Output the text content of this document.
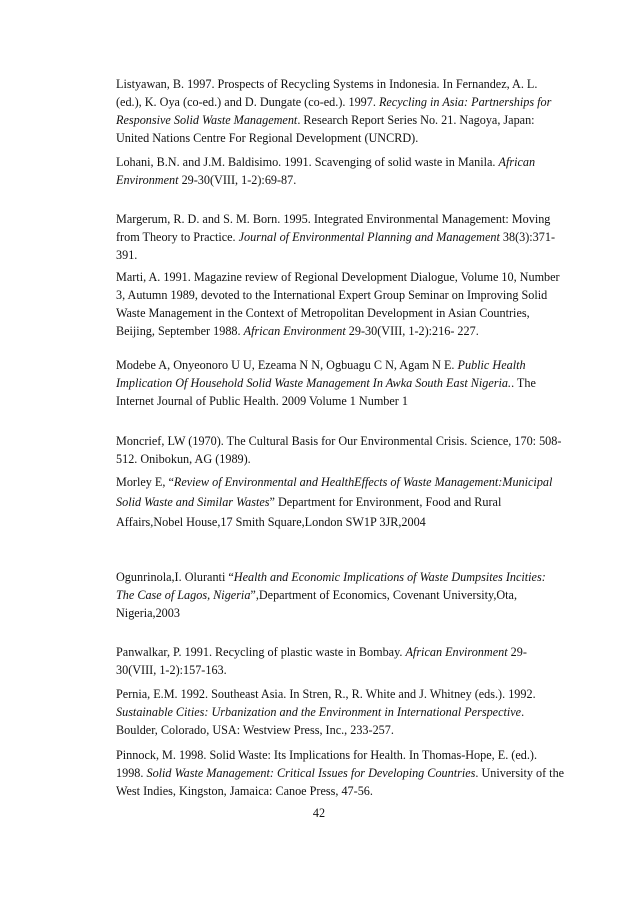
Listyawan, B. 1997. Prospects of Recycling Systems in Indonesia. In Fernandez, A. L. (ed.), K. Oya (co-ed.) and D. Dungate (co-ed.). 1997. Recycling in Asia: Partnerships for Responsive Solid Waste Management. Research Report Series No. 21. Nagoya, Japan: United Nations Centre For Regional Development (UNCRD).

Lohani, B.N. and J.M. Baldisimo. 1991. Scavenging of solid waste in Manila. African Environment 29-30(VIII, 1-2):69-87.

Margerum, R. D. and S. M. Born. 1995. Integrated Environmental Management: Moving from Theory to Practice. Journal of Environmental Planning and Management 38(3):371-391.

Marti, A. 1991. Magazine review of Regional Development Dialogue, Volume 10, Number 3, Autumn 1989, devoted to the International Expert Group Seminar on Improving Solid Waste Management in the Context of Metropolitan Development in Asian Countries, Beijing, September 1988. African Environment 29-30(VIII, 1-2):216- 227.

Modebe A, Onyeonoro U U, Ezeama N N, Ogbuagu C N, Agam N E. Public Health Implication Of Household Solid Waste Management In Awka South East Nigeria.. The Internet Journal of Public Health. 2009 Volume 1 Number 1

Moncrief, LW (1970). The Cultural Basis for Our Environmental Crisis. Science, 170: 508-512. Onibokun, AG (1989).

Morley E, “Review of Environmental and HealthEffects of Waste Management:Municipal Solid Waste and Similar Wastes” Department for Environment, Food and Rural Affairs,Nobel House,17 Smith Square,London SW1P 3JR,2004

Ogunrinola,I. Oluranti “Health and Economic Implications of Waste Dumpsites Incities: The Case of Lagos, Nigeria”,Department of Economics, Covenant University,Ota, Nigeria,2003

Panwalkar, P. 1991. Recycling of plastic waste in Bombay. African Environment 29-30(VIII, 1-2):157-163.

Pernia, E.M. 1992. Southeast Asia. In Stren, R., R. White and J. Whitney (eds.). 1992. Sustainable Cities: Urbanization and the Environment in International Perspective. Boulder, Colorado, USA: Westview Press, Inc., 233-257.

Pinnock, M. 1998. Solid Waste: Its Implications for Health. In Thomas-Hope, E. (ed.). 1998. Solid Waste Management: Critical Issues for Developing Countries. University of the West Indies, Kingston, Jamaica: Canoe Press, 47-56.

42
